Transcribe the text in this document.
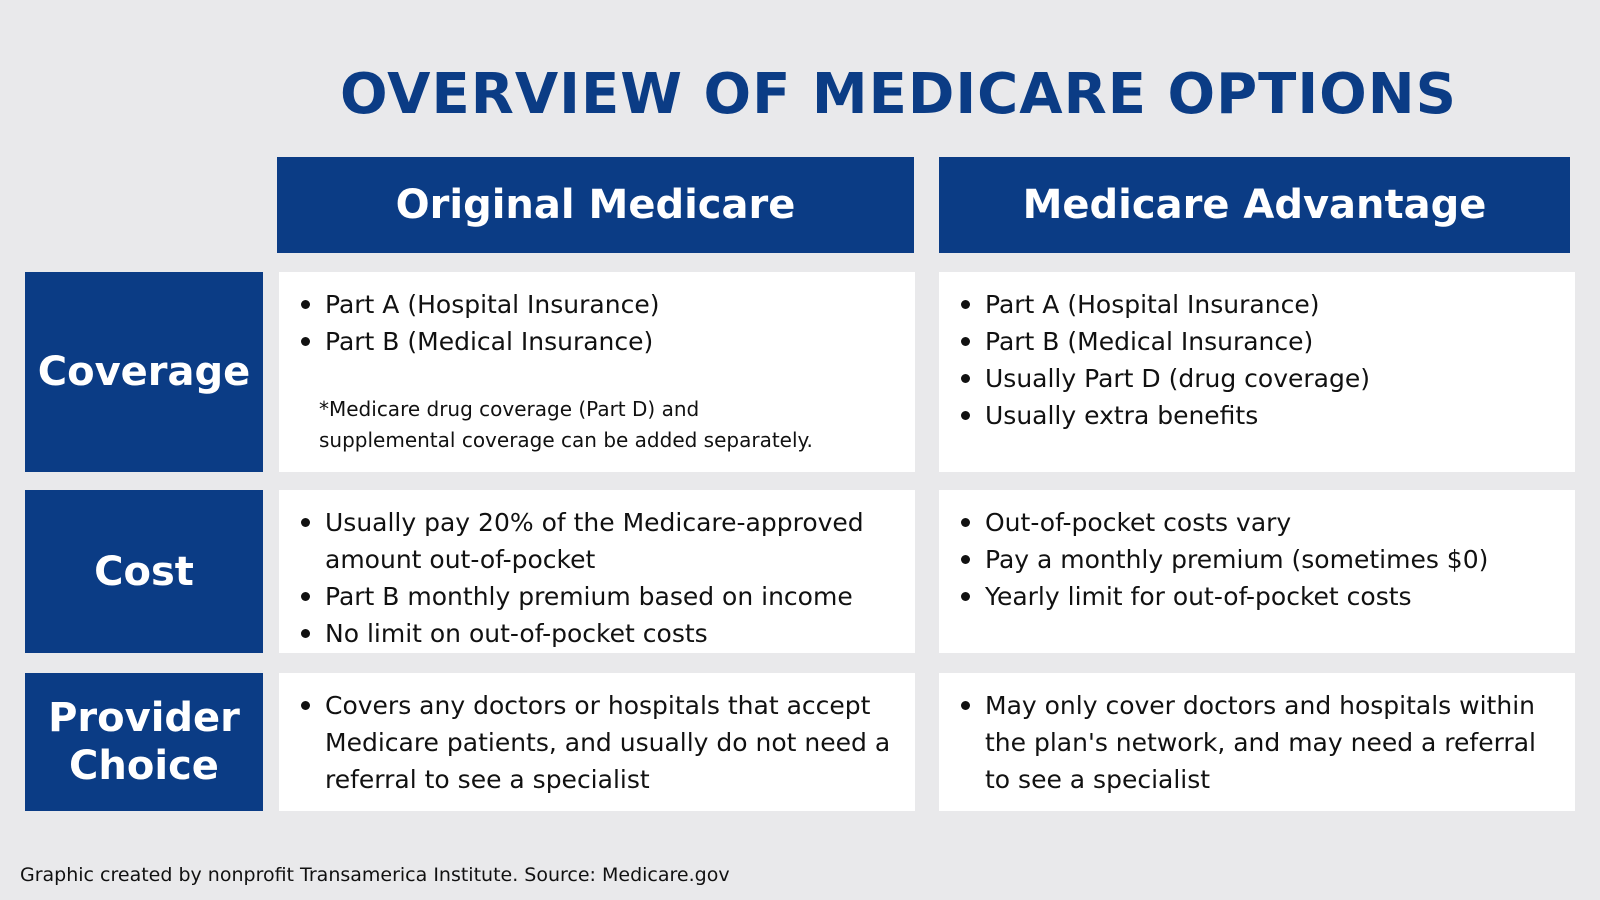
OVERVIEW OF MEDICARE OPTIONS
Original Medicare	Medicare Advantage
Coverage
Part A (Hospital Insurance)
Part B (Medical Insurance)
*Medicare drug coverage (Part D) and
supplemental coverage can be added separately.
Part A (Hospital Insurance)
Part B (Medical Insurance)
Usually Part D (drug coverage)
Usually extra benefits
Cost
Usually pay 20% of the Medicare-approved amount out-of-pocket
Part B monthly premium based on income
No limit on out-of-pocket costs
Out-of-pocket costs vary
Pay a monthly premium (sometimes $0)
Yearly limit for out-of-pocket costs
Provider
Choice
Covers any doctors or hospitals that accept Medicare patients, and usually do not need a referral to see a specialist
May only cover doctors and hospitals within the plan's network, and may need a referral to see a specialist
Graphic created by nonprofit Transamerica Institute. Source: Medicare.gov
